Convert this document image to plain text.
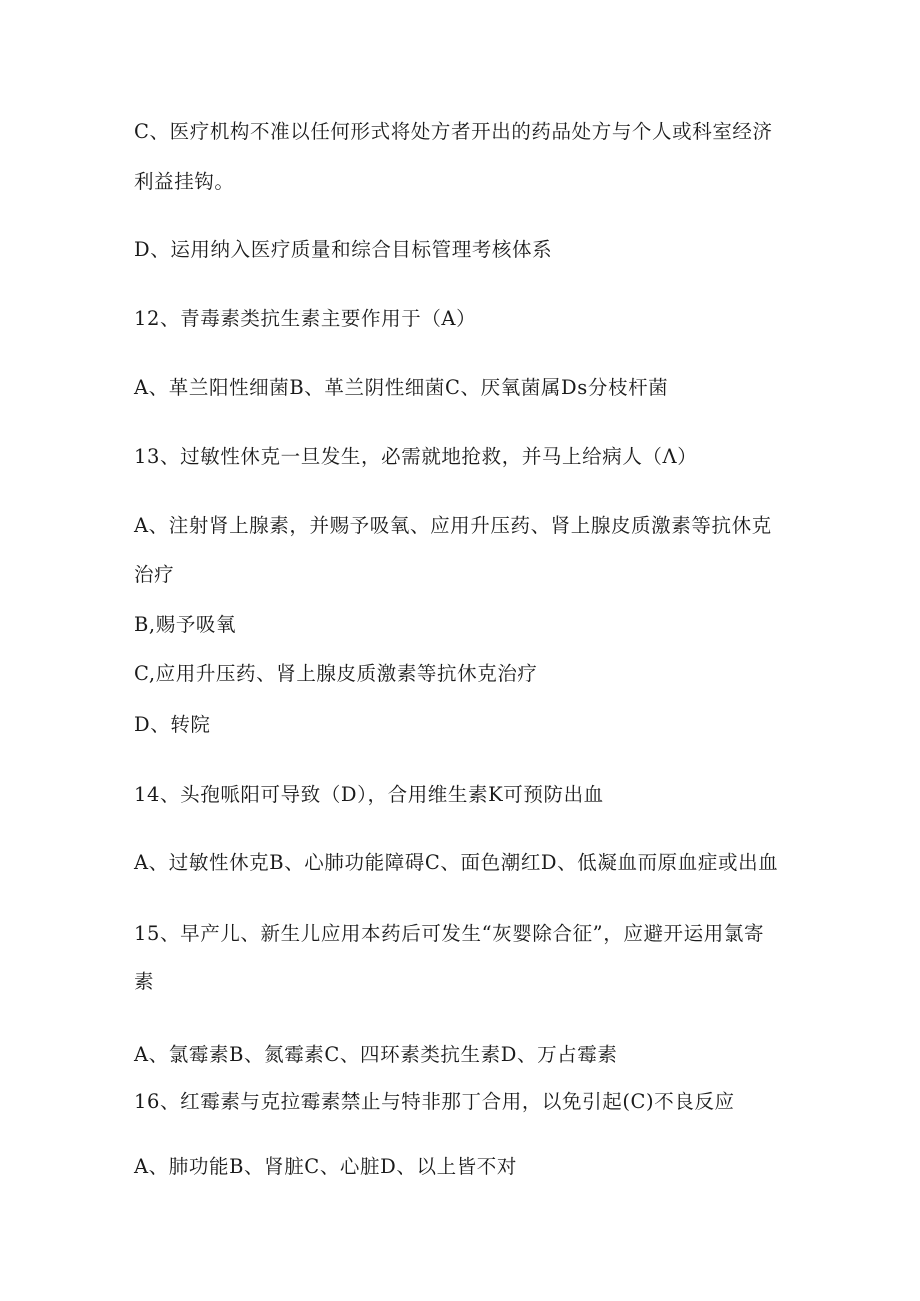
C、医疗机构不准以任何形式将处方者开出的药品处方与个人或科室经济
利益挂钩。
D、运用纳入医疗质量和综合目标管理考核体系
12、青毒素类抗生素主要作用于（A）
A、革兰阳性细菌B、革兰阴性细菌C、厌氧菌属Ds分枝杆菌
13、过敏性休克一旦发生，必需就地抢救，并马上给病人（Λ）
A、注射肾上腺素，并赐予吸氧、应用升压药、肾上腺皮质激素等抗休克
治疗
B,赐予吸氧
C,应用升压药、肾上腺皮质激素等抗休克治疗
D、转院
14、头孢哌阳可导致（D），合用维生素K可预防出血
A、过敏性休克B、心肺功能障碍C、面色潮红D、低凝血而原血症或出血
15、早产儿、新生儿应用本药后可发生“灰婴除合征”，应避开运用氯寄
素
A、氯霉素B、氮霉素C、四环素类抗生素D、万占霉素
16、红霉素与克拉霉素禁止与特非那丁合用，以免引起(C)不良反应
A、肺功能B、肾脏C、心脏D、以上皆不对
